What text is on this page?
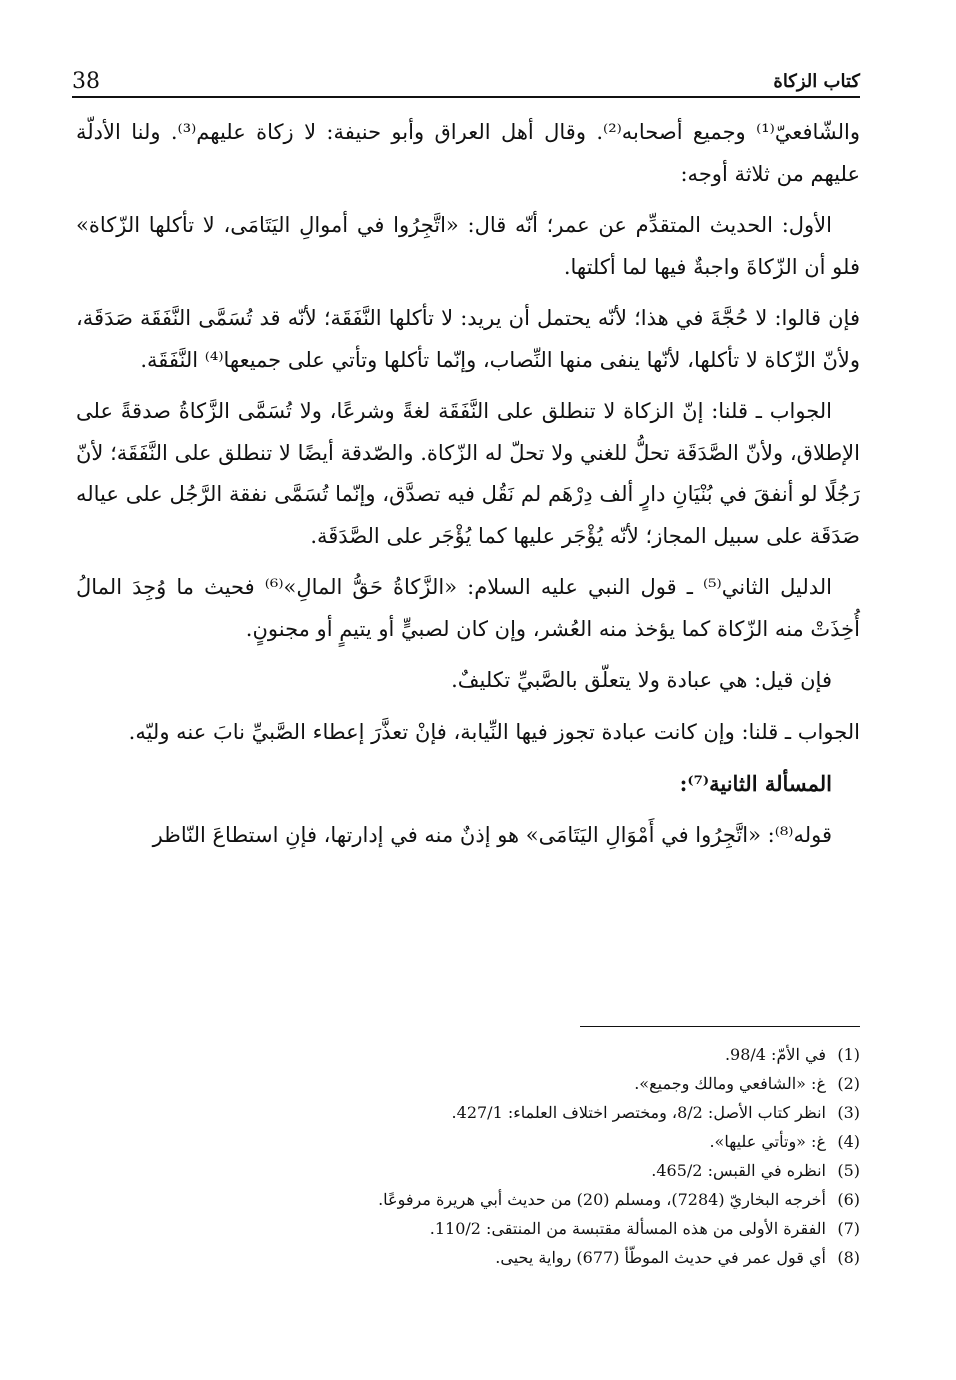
38	كتاب الزكاة

والشّافعيّ⁽¹⁾ وجميع أصحابه⁽²⁾. وقال أهل العراق وأبو حنيفة: لا زكاة عليهم⁽³⁾. ولنا الأدلّة عليهم من ثلاثة أوجه:

الأول: الحديث المتقدِّم عن عمر؛ أنّه قال: «اتَّجِرُوا في أموالِ اليَتَامَى، لا تأكلها الزّكاة» فلو أن الزّكاةَ واجبةٌ فيها لما أكلتها.

فإن قالوا: لا حُجَّةَ في هذا؛ لأنّه يحتمل أن يريد: لا تأكلها النَّفَقَة؛ لأنّه قد تُسَمَّى النَّفَقَة صَدَقَة، ولأنّ الزّكاة لا تأكلها، لأنّها ينفى منها النِّصاب، وإنّما تأكلها وتأتي على جميعها⁽⁴⁾ النَّفَقَة.

الجواب ـ قلنا: إنّ الزكاة لا تنطلق على النَّفَقَة لغةً وشرعًا، ولا تُسَمَّى الزَّكاةُ صدقةً على الإطلاق، ولأنّ الصَّدَقَة تحلُّ للغني ولا تحلّ له الزّكاة. والصّدقة أيضًا لا تنطلق على النَّفَقَة؛ لأنّ رَجُلًا لو أنفقَ في بُنْيَانِ دارٍ ألف دِرْهَم لم نَقُل فيه تصدَّق، وإنّما تُسَمَّى نفقة الرَّجُل على عياله صَدَقَة على سبيل المجاز؛ لأنّه يُؤْجَر عليها كما يُؤْجَر على الصَّدَقَة.

الدليل الثاني⁽⁵⁾ ـ قول النبي عليه السلام: «الزَّكاةُ حَقُّ المالِ»⁽⁶⁾ فحيث ما وُجِدَ المالُ أُخِذَتْ منه الزّكاة كما يؤخذ منه العُشر، وإن كان لصبيٍّ أو يتيمٍ أو مجنونٍ.

فإن قيل: هي عبادة ولا يتعلّق بالصَّبيِّ تكليفٌ.

الجواب ـ قلنا: وإن كانت عبادة تجوز فيها النِّيابة، فإنْ تعذَّرَ إعطاء الصَّبيِّ نابَ عنه وليّه.

المسألة الثانية⁽⁷⁾:

قوله⁽⁸⁾: «اتَّجِرُوا في أَمْوَالِ اليَتَامَى» هو إذنٌ منه في إدارتها، فإنِ استطاعَ النّاظر

(1)في الأمّ: 98/4.
(2)غ: «الشافعي ومالك وجميع».
(3)انظر كتاب الأصل: 8/2، ومختصر اختلاف العلماء: 427/1.
(4)غ: «وتأتي عليها».
(5)انظره في القبس: 465/2.
(6)أخرجه البخاريّ (7284)، ومسلم (20) من حديث أبي هريرة مرفوعًا.
(7)الفقرة الأولى من هذه المسألة مقتبسة من المنتقى: 110/2.
(8)أي قول عمر في حديث الموطّأ (677) رواية يحيى.
